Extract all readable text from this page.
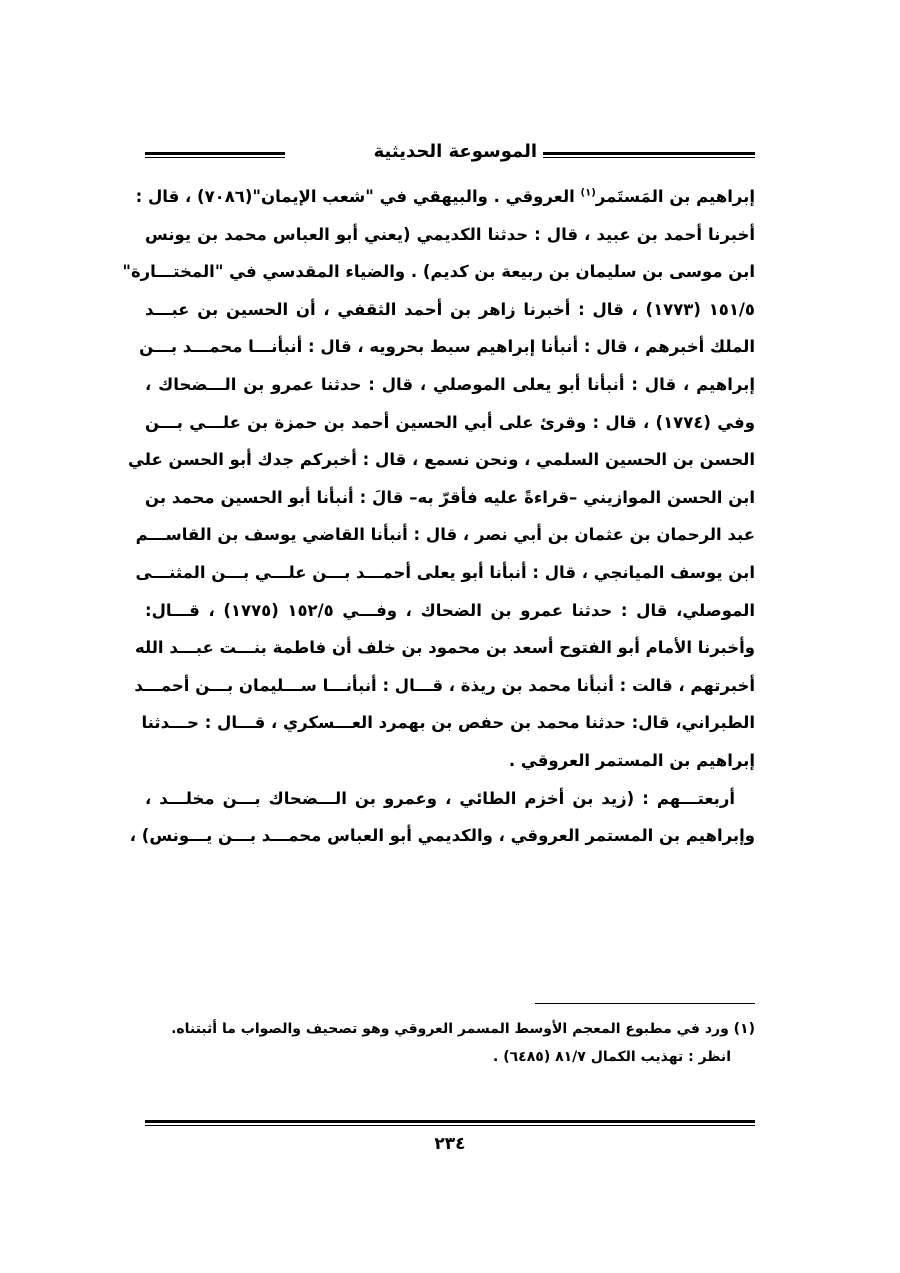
الموسوعة الحديثية
إبراهيم بن المَستَمر$^{(١)}$ العروقي . والبيهقي في "شعب الإيمان"(٧٠٨٦) ، قال :
أخبرنا أحمد بن عبيد ، قال : حدثنا الكديمي (يعني أبو العباس محمد بن يونس
ابن موسى بن سليمان بن ربيعة بن كديم) . والضياء المقدسي في "المختـــارة"
١٥١/٥ (١٧٧٣) ، قال : أخبرنا زاهر بن أحمد الثقفي ، أن الحسين بن عبـــد
الملك أخبرهم ، قال : أنبأنا إبراهيم سبط بحرويه ، قال : أنبأنـــا محمـــد بـــن
إبراهيم ، قال : أنبأنا أبو يعلى الموصلي ، قال : حدثنا عمرو بن الـــضحاك ،
وفي (١٧٧٤) ، قال : وقرئ على أبي الحسين أحمد بن حمزة بن علـــي بـــن
الحسن بن الحسين السلمي ، ونحن نسمع ، قال : أخبركم جدك أبو الحسن علي
ابن الحسن الموازيني –قراءةً عليه فأقرّ به– قالَ : أنبأنا أبو الحسين محمد بن
عبد الرحمان بن عثمان بن أبي نصر ، قال : أنبأنا القاضي يوسف بن القاســـم
ابن يوسف الميانجي ، قال : أنبأنا أبو يعلى أحمـــد بـــن علـــي بـــن المثنـــى
الموصلي، قال : حدثنا عمرو بن الضحاك ، وفـــي ١٥٢/٥ (١٧٧٥) ، قـــال:
وأخبرنا الأمام أبو الفتوح أسعد بن محمود بن خلف أن فاطمة بنـــت عبـــد الله
أخبرتهم ، قالت : أنبأنا محمد بن ريذة ، قـــال : أنبأنـــا ســـليمان بـــن أحمـــد
الطبراني، قال: حدثنا محمد بن حفص بن بهمرد العـــسكري ، قـــال : حـــدثنا
إبراهيم بن المستمر العروقي .
أربعتـــهم : (زيد بن أخزم الطائي ، وعمرو بن الـــضحاك بـــن مخلـــد ،
وإبراهيم بن المستمر العروقي ، والكديمي أبو العباس محمـــد بـــن يـــونس) ،
(١) ورد في مطبوع المعجم الأوسط المسمر العروقي وهو تصحيف والصواب ما أثبتناه.
انظر : تهذيب الكمال ٨١/٧ (٦٤٨٥) .
٢٣٤
